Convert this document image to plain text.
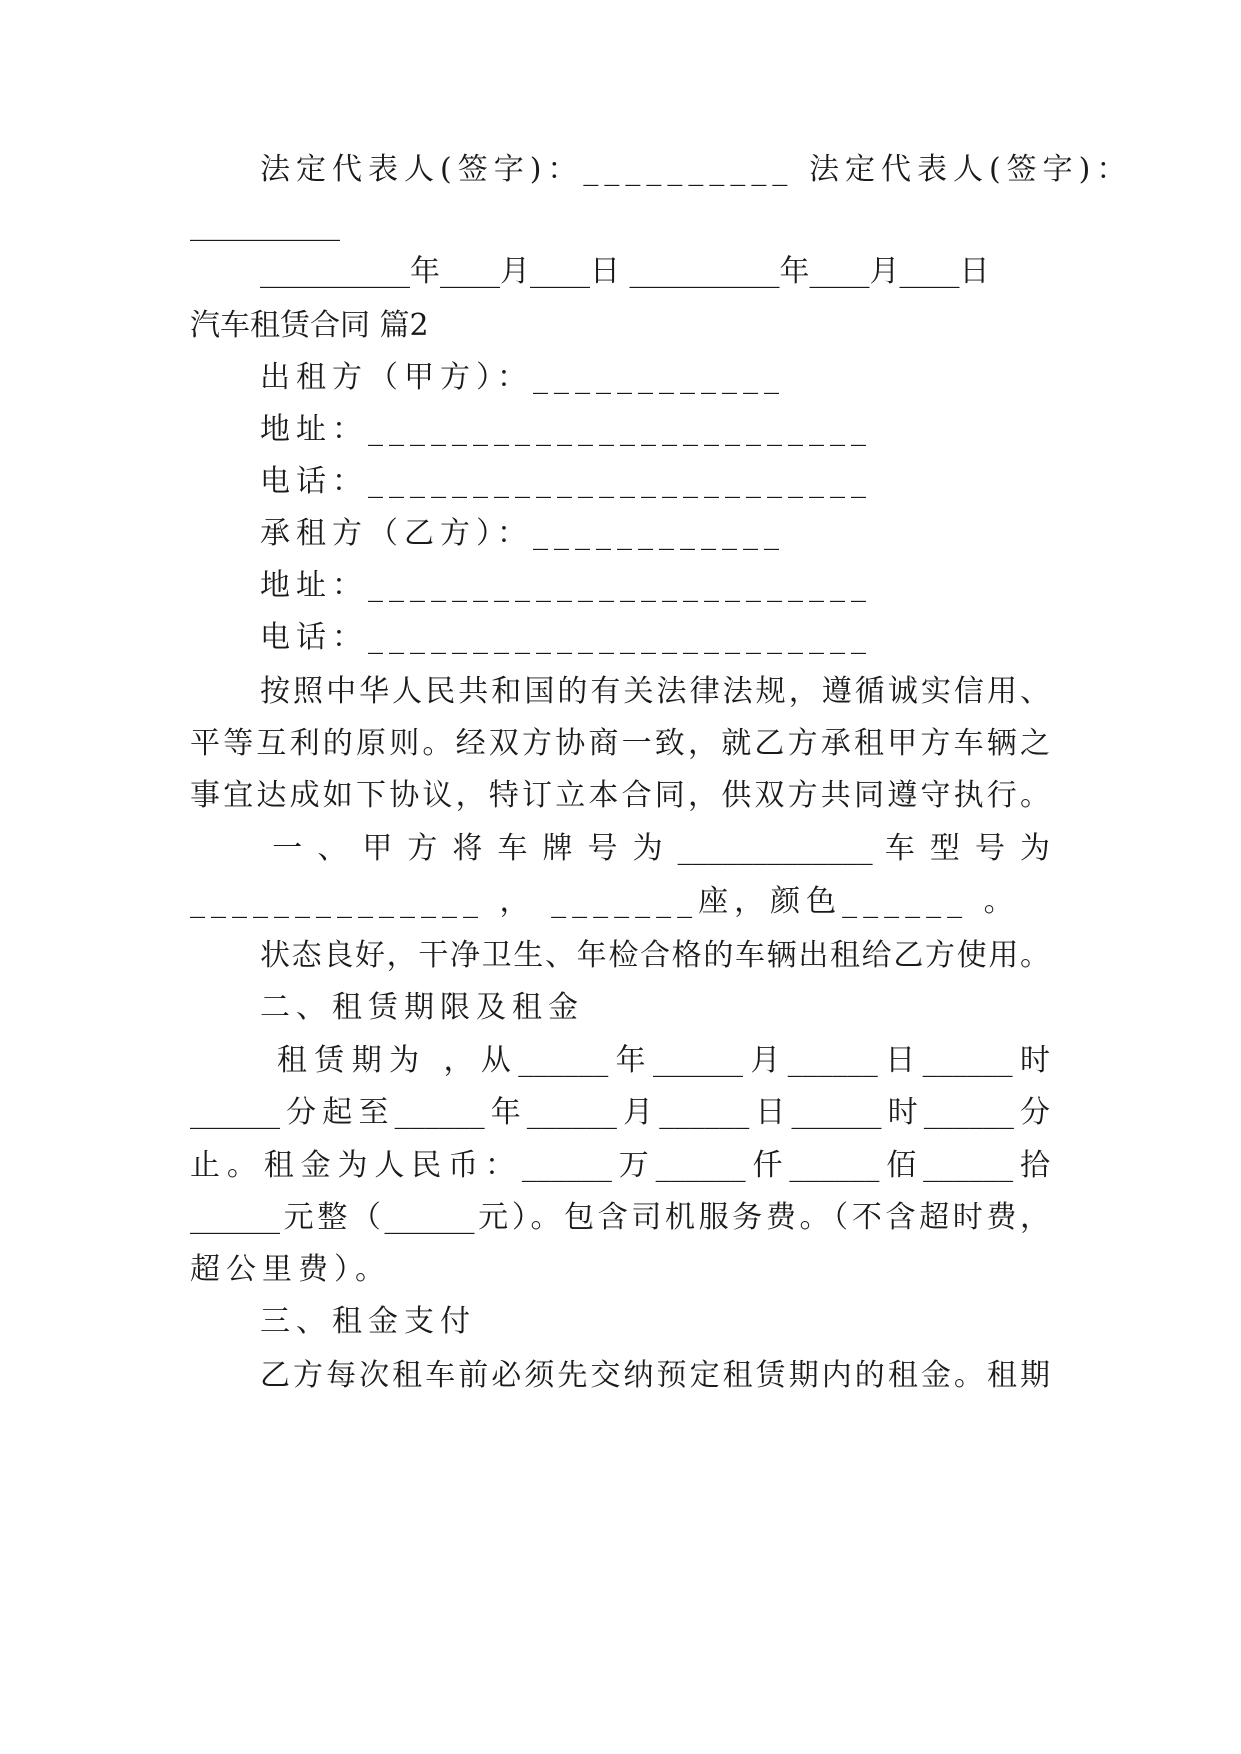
法定代表人(签字)：__________ 法定代表人(签字)：
__________
__________年____月____日 __________年____月____日
汽车租赁合同 篇2
出租方（甲方）：____________
地址：________________________
电话：________________________
承租方（乙方）：____________
地址：________________________
电话：________________________
按照中华人民共和国的有关法律法规，遵循诚实信用、
平等互利的原则。经双方协商一致，就乙方承租甲方车辆之
事宜达成如下协议，特订立本合同，供双方共同遵守执行。
一 、 甲 方 将 车 牌 号 为 _____________ 车 型 号 为
______________ ， _______座，颜色______ 。
状态良好，干净卫生、年检合格的车辆出租给乙方使用。
二、租赁期限及租金
租赁期为 ，从______年______月______日______时
______分起至______年______月______日______时______分
止。租金为人民币：______万______仟______佰______拾
______元整（______元）。包含司机服务费。（不含超时费，
超公里费）。
三、租金支付
乙方每次租车前必须先交纳预定租赁期内的租金。租期
